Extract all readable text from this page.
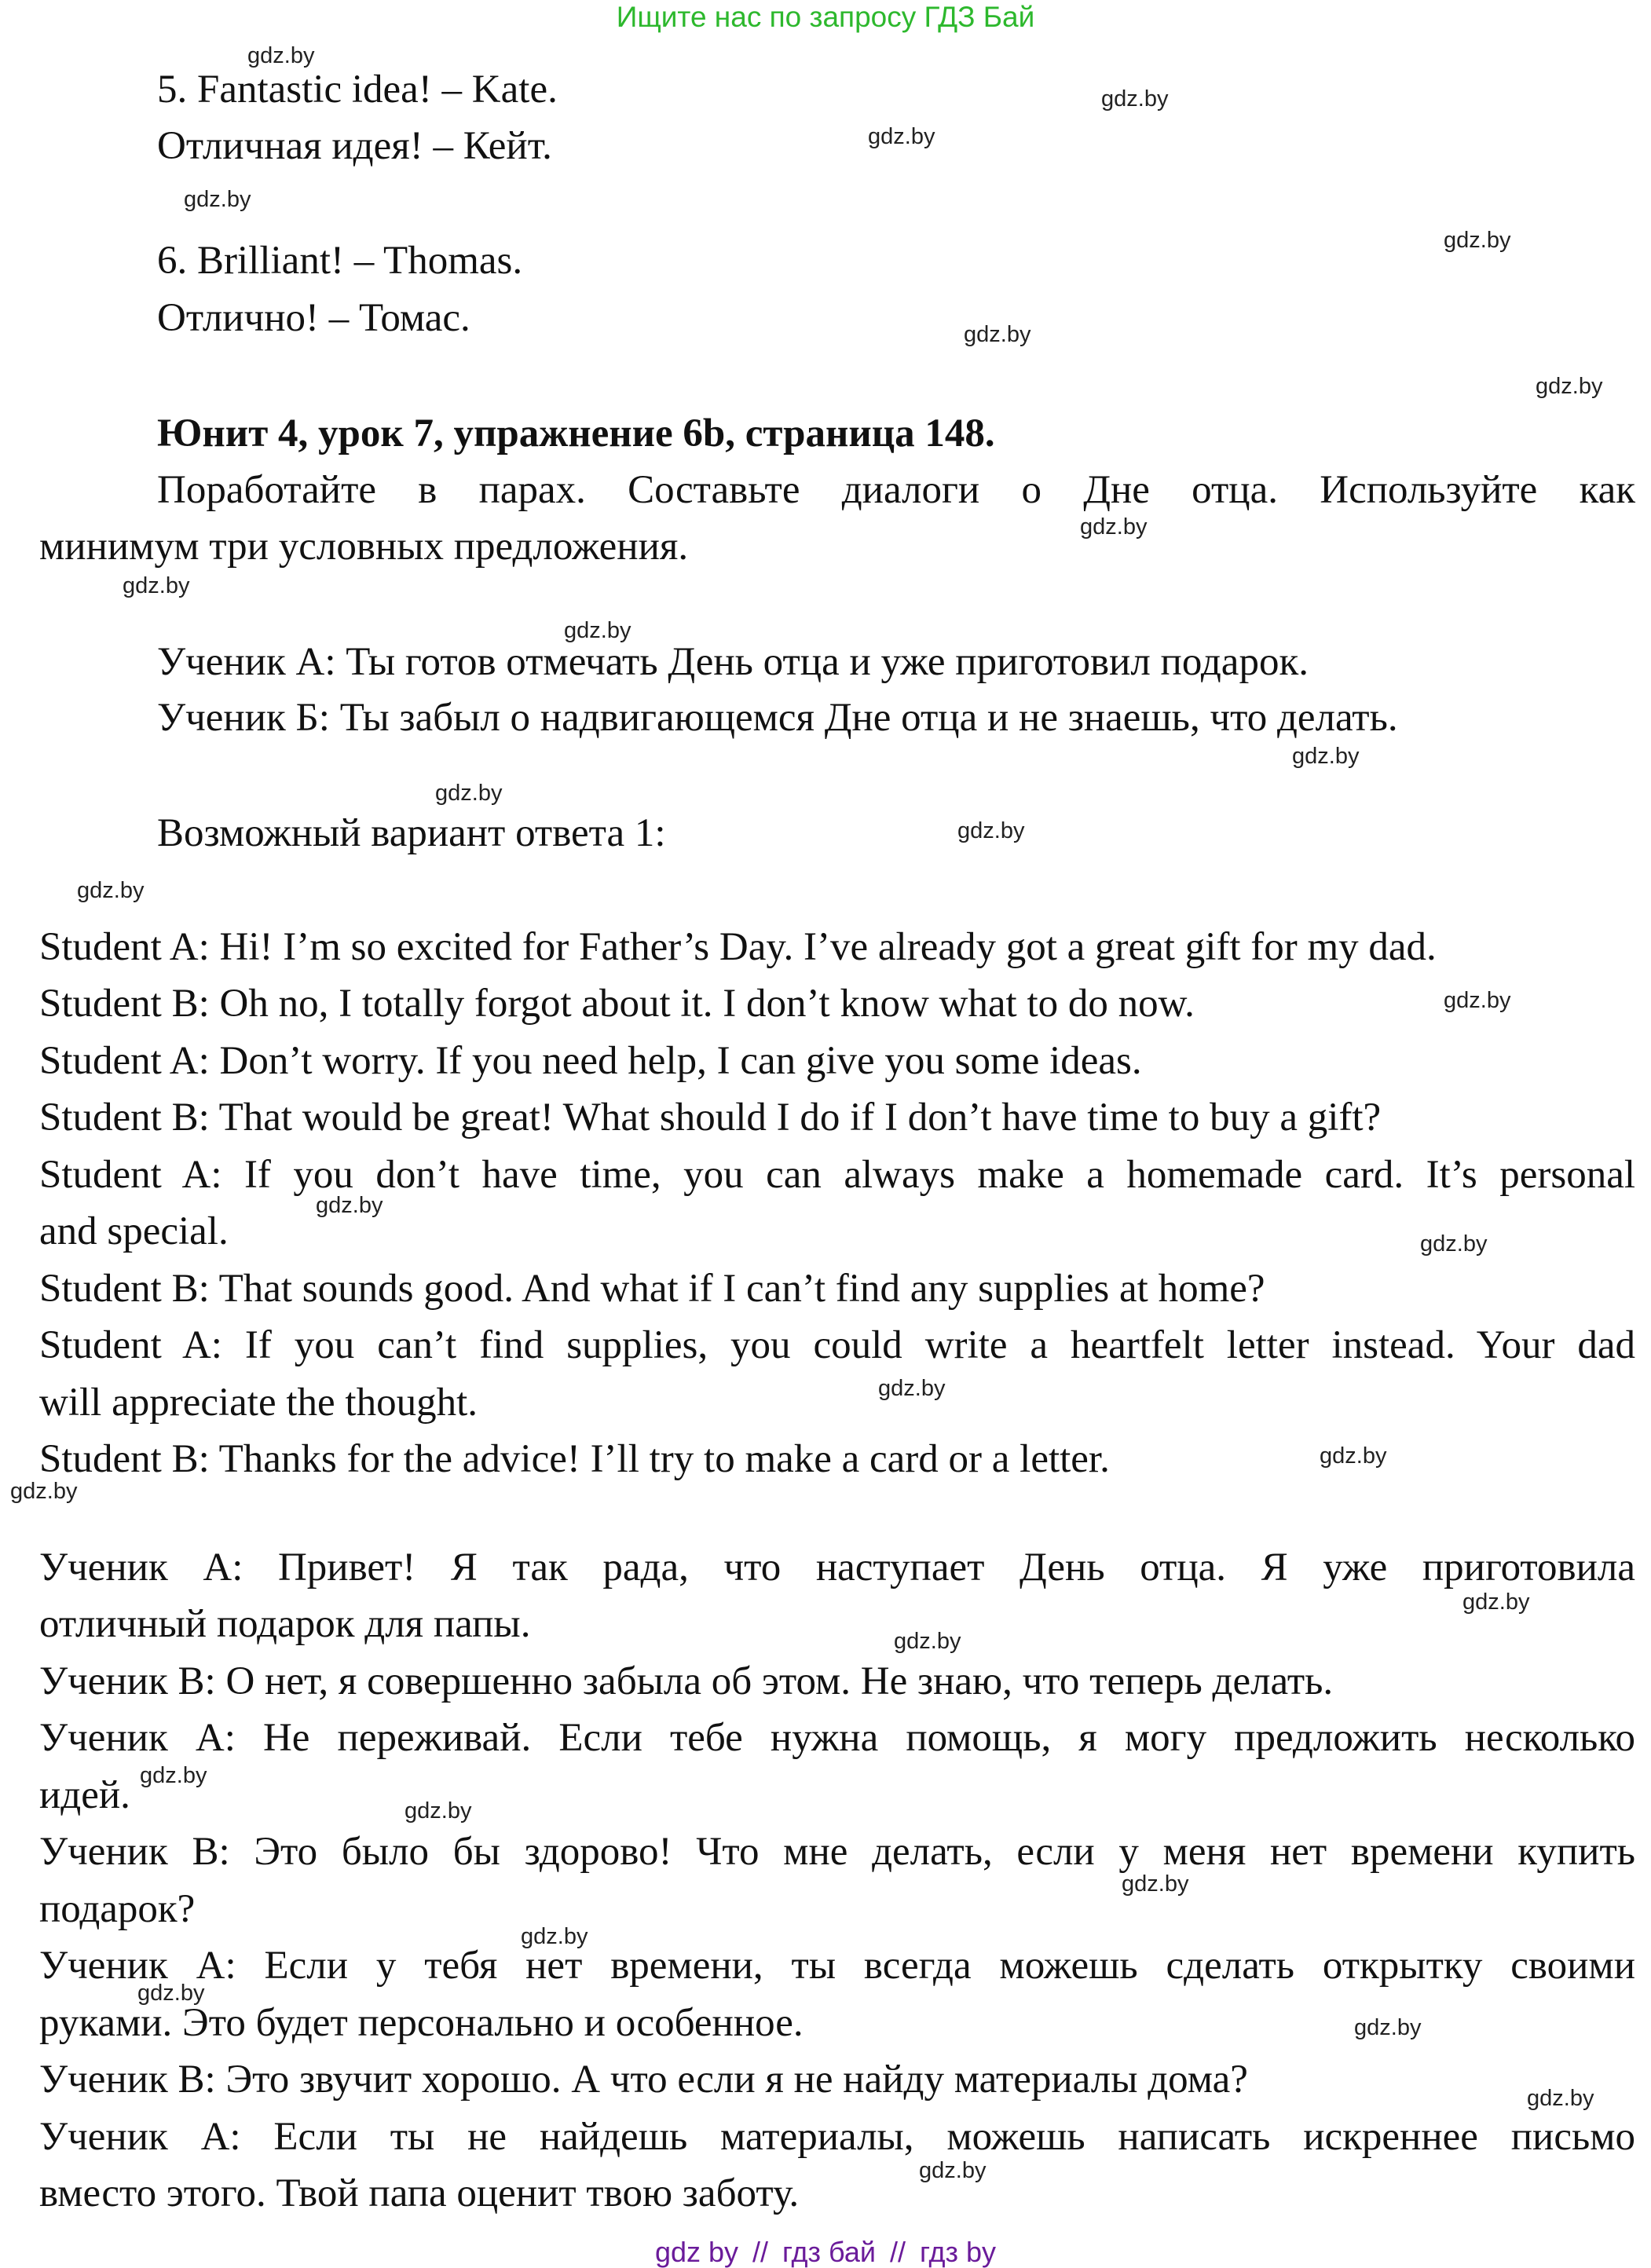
Ищите нас по запросу ГДЗ Бай
5. Fantastic idea! – Kate.
Отличная идея! – Кейт.
6. Brilliant! – Thomas.
Отлично! – Томас.
Юнит 4, урок 7, упражнение 6b, страница 148.
Поработайте в парах. Составьте диалоги о Дне отца. Используйте как
минимум три условных предложения.
Ученик А: Ты готов отмечать День отца и уже приготовил подарок.
Ученик Б: Ты забыл о надвигающемся Дне отца и не знаешь, что делать.
Возможный вариант ответа 1:
Student A: Hi! I’m so excited for Father’s Day. I’ve already got a great gift for my dad.
Student B: Oh no, I totally forgot about it. I don’t know what to do now.
Student A: Don’t worry. If you need help, I can give you some ideas.
Student B: That would be great! What should I do if I don’t have time to buy a gift?
Student A: If you don’t have time, you can always make a homemade card. It’s personal
and special.
Student B: That sounds good. And what if I can’t find any supplies at home?
Student A: If you can’t find supplies, you could write a heartfelt letter instead. Your dad
will appreciate the thought.
Student B: Thanks for the advice! I’ll try to make a card or a letter.
Ученик A: Привет! Я так рада, что наступает День отца. Я уже приготовила
отличный подарок для папы.
Ученик B: О нет, я совершенно забыла об этом. Не знаю, что теперь делать.
Ученик A: Не переживай. Если тебе нужна помощь, я могу предложить несколько
идей.
Ученик B: Это было бы здорово! Что мне делать, если у меня нет времени купить
подарок?
Ученик A: Если у тебя нет времени, ты всегда можешь сделать открытку своими
руками. Это будет персонально и особенное.
Ученик B: Это звучит хорошо. А что если я не найду материалы дома?
Ученик A: Если ты не найдешь материалы, можешь написать искреннее письмо
вместо этого. Твой папа оценит твою заботу.
gdz.by
gdz.by
gdz.by
gdz.by
gdz.by
gdz.by
gdz.by
gdz.by
gdz.by
gdz.by
gdz.by
gdz.by
gdz.by
gdz.by
gdz.by
gdz.by
gdz.by
gdz.by
gdz.by
gdz.by
gdz.by
gdz.by
gdz.by
gdz.by
gdz.by
gdz.by
gdz.by
gdz.by
gdz.by
gdz.by
gdz by // гдз бай // гдз by
